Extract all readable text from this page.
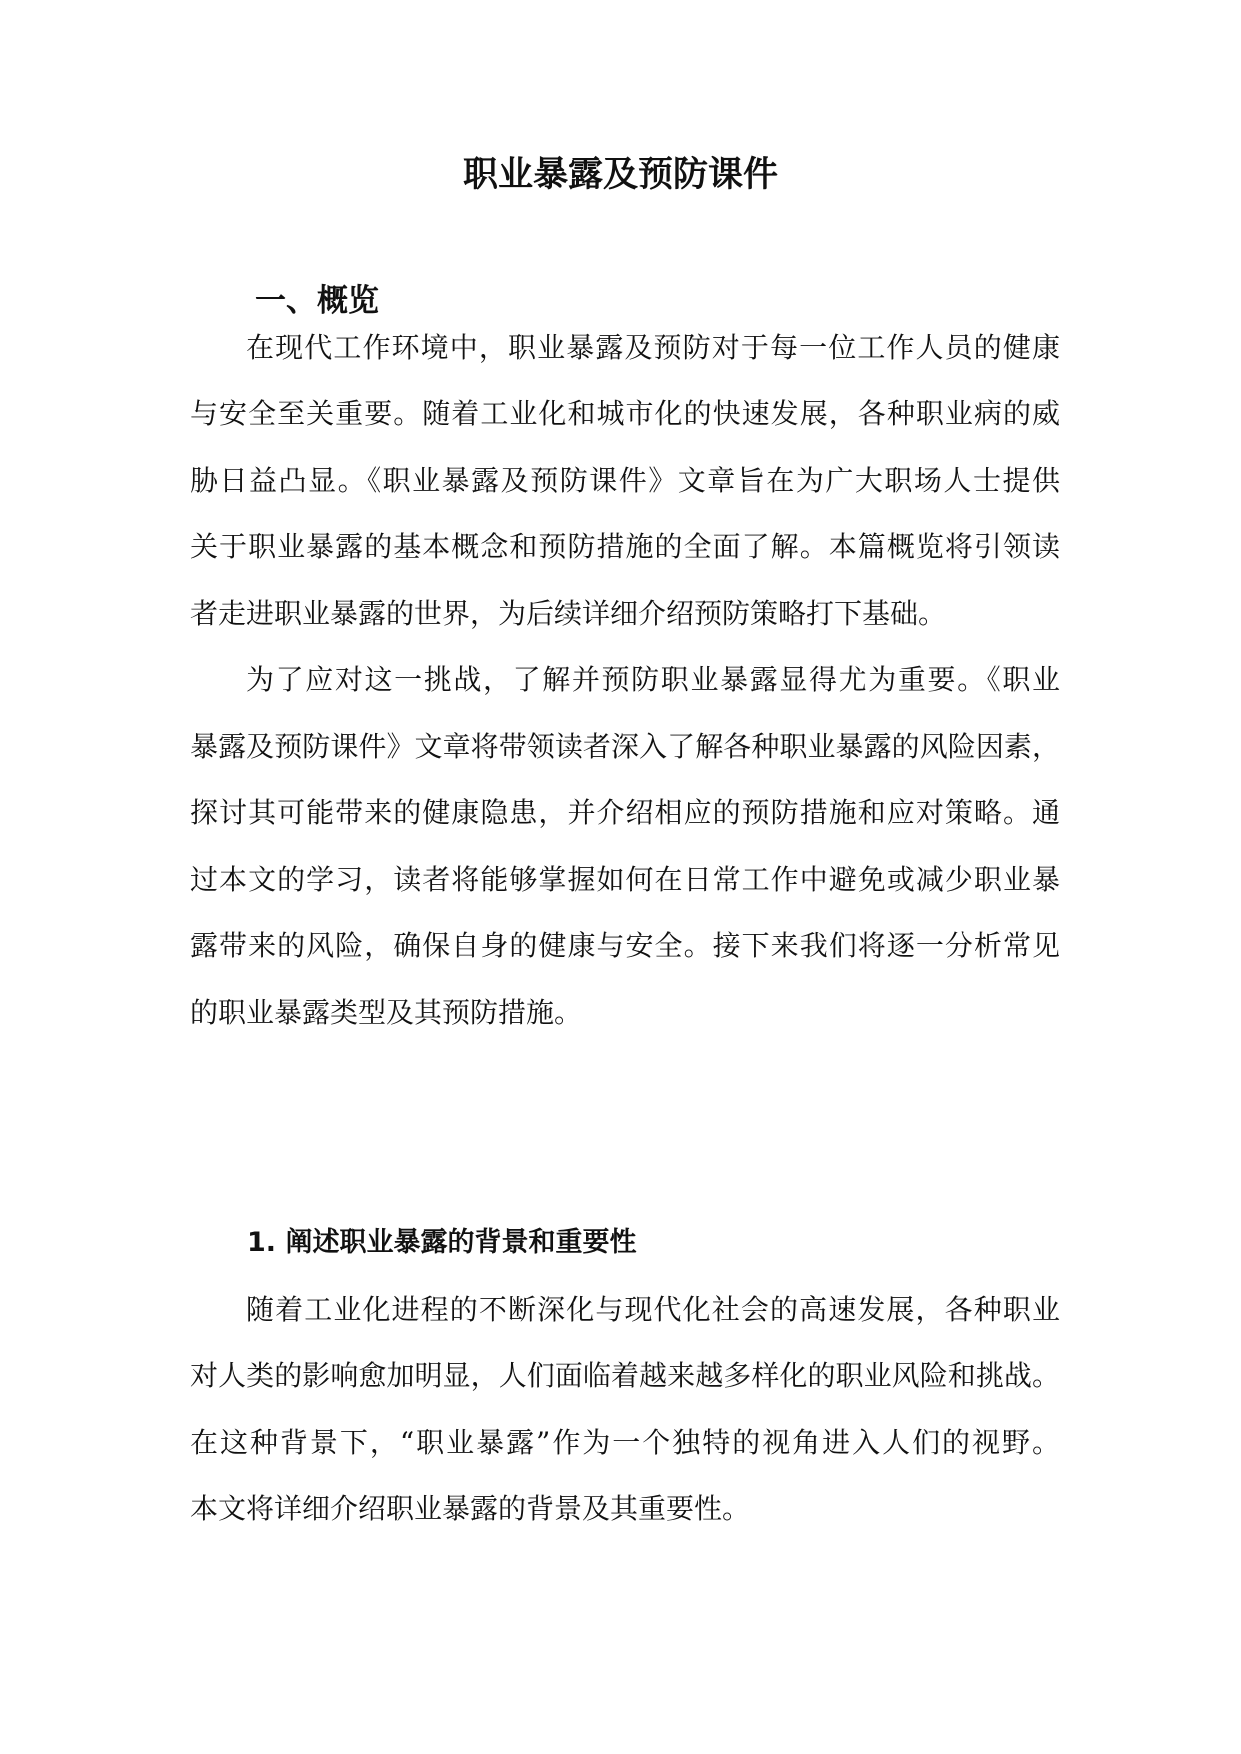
职业暴露及预防课件
一、概览
在现代工作环境中，职业暴露及预防对于每一位工作人员的健康
与安全至关重要。随着工业化和城市化的快速发展，各种职业病的威
胁日益凸显。《职业暴露及预防课件》文章旨在为广大职场人士提供
关于职业暴露的基本概念和预防措施的全面了解。本篇概览将引领读
者走进职业暴露的世界，为后续详细介绍预防策略打下基础。
为了应对这一挑战，了解并预防职业暴露显得尤为重要。《职业
暴露及预防课件》文章将带领读者深入了解各种职业暴露的风险因素，
探讨其可能带来的健康隐患，并介绍相应的预防措施和应对策略。通
过本文的学习，读者将能够掌握如何在日常工作中避免或减少职业暴
露带来的风险，确保自身的健康与安全。接下来我们将逐一分析常见
的职业暴露类型及其预防措施。
1. 阐述职业暴露的背景和重要性
随着工业化进程的不断深化与现代化社会的高速发展，各种职业
对人类的影响愈加明显，人们面临着越来越多样化的职业风险和挑战。
在这种背景下，“职业暴露”作为一个独特的视角进入人们的视野。
本文将详细介绍职业暴露的背景及其重要性。
